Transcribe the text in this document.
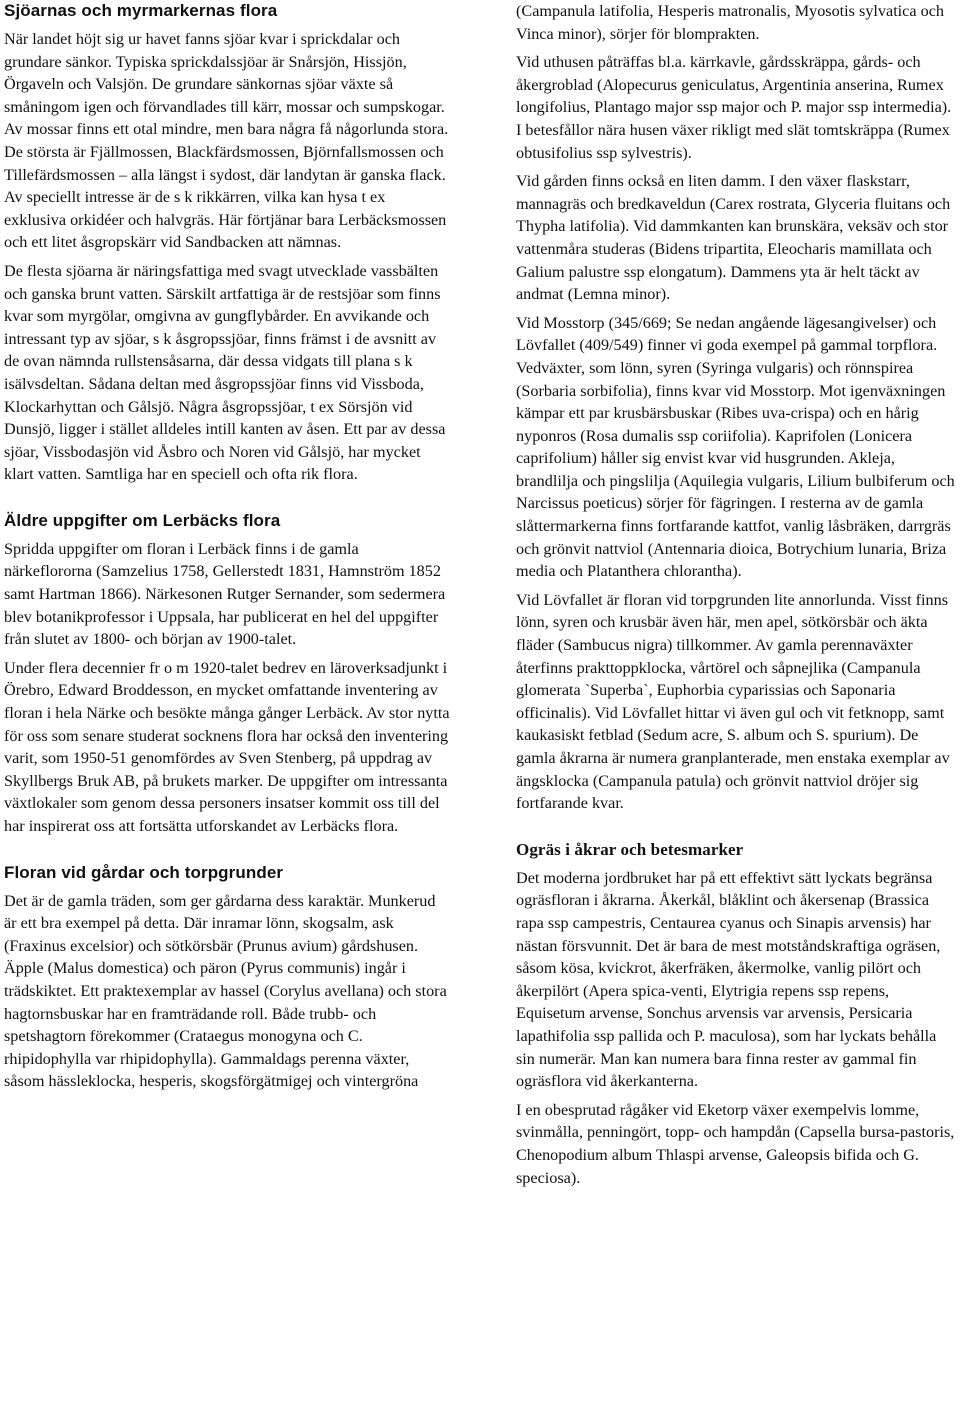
Sjöarnas och myrmarkernas flora

När landet höjt sig ur havet fanns sjöar kvar i sprickdalar och grundare sänkor. Typiska sprickdalssjöar är Snårsjön, Hissjön, Örgaveln och Valsjön. De grundare sänkornas sjöar växte så småningom igen och förvandlades till kärr, mossar och sumpskogar. Av mossar finns ett otal mindre, men bara några få någorlunda stora. De största är Fjällmossen, Blackfärdsmossen, Björnfallsmossen och Tillefärdsmossen – alla längst i sydost, där landytan är ganska flack. Av speciellt intresse är de s k rikkärren, vilka kan hysa t ex exklusiva orkidéer och halvgräs. Här förtjänar bara Lerbäcksmossen och ett litet åsgropskärr vid Sandbacken att nämnas.

De flesta sjöarna är näringsfattiga med svagt utvecklade vassbälten och ganska brunt vatten. Särskilt artfattiga är de restsjöar som finns kvar som myrgölar, omgivna av gungflybårder. En avvikande och intressant typ av sjöar, s k åsgropssjöar, finns främst i de avsnitt av de ovan nämnda rullstensåsarna, där dessa vidgats till plana s k isälvsdeltan. Sådana deltan med åsgropssjöar finns vid Vissboda, Klockarhyttan och Gålsjö. Några åsgropssjöar, t ex Sörsjön vid Dunsjö, ligger i stället alldeles intill kanten av åsen. Ett par av dessa sjöar, Vissbodasjön vid Åsbro och Noren vid Gålsjö, har mycket klart vatten. Samtliga har en speciell och ofta rik flora.

Äldre uppgifter om Lerbäcks flora

Spridda uppgifter om floran i Lerbäck finns i de gamla närkeflororna (Samzelius 1758, Gellerstedt 1831, Hamnström 1852 samt Hartman 1866). Närkesonen Rutger Sernander, som sedermera blev botanikprofessor i Uppsala, har publicerat en hel del uppgifter från slutet av 1800- och början av 1900-talet.

Under flera decennier fr o m 1920-talet bedrev en läroverksadjunkt i Örebro, Edward Broddesson, en mycket omfattande inventering av floran i hela Närke och besökte många gånger Lerbäck. Av stor nytta för oss som senare studerat socknens flora har också den inventering varit, som 1950-51 genomfördes av Sven Stenberg, på uppdrag av Skyllbergs Bruk AB, på brukets marker. De uppgifter om intressanta växtlokaler som genom dessa personers insatser kommit oss till del har inspirerat oss att fortsätta utforskandet av Lerbäcks flora.

Floran vid gårdar och torpgrunder

Det är de gamla träden, som ger gårdarna dess karaktär. Munkerud är ett bra exempel på detta. Där inramar lönn, skogsalm, ask (Fraxinus excelsior) och sötkörsbär (Prunus avium) gårdshusen. Äpple (Malus domestica) och päron (Pyrus communis) ingår i trädskiktet. Ett praktexemplar av hassel (Corylus avellana) och stora hagtornsbuskar har en framträdande roll. Både trubb- och spetshagtorn förekommer (Crataegus monogyna och C. rhipidophylla var rhipidophylla). Gammaldags perenna växter, såsom hässleklocka, hesperis, skogsförgätmigej och vintergröna

(Campanula latifolia, Hesperis matronalis, Myosotis sylvatica och Vinca minor), sörjer för blomprakten.

Vid uthusen påträffas bl.a. kärrkavle, gårdsskräppa, gårds- och åkergroblad (Alopecurus geniculatus, Argentinia anserina, Rumex longifolius, Plantago major ssp major och P. major ssp intermedia). I betesfållor nära husen växer rikligt med slät tomtskräppa (Rumex obtusifolius ssp sylvestris).

Vid gården finns också en liten damm. I den växer flaskstarr, mannagräs och bredkaveldun (Carex rostrata, Glyceria fluitans och Thypha latifolia). Vid dammkanten kan brunskära, veksäv och stor vattenmåra studeras (Bidens tripartita, Eleocharis mamillata och Galium palustre ssp elongatum). Dammens yta är helt täckt av andmat (Lemna minor).

Vid Mosstorp (345/669; Se nedan angående lägesangivelser) och Lövfallet (409/549) finner vi goda exempel på gammal torpflora. Vedväxter, som lönn, syren (Syringa vulgaris) och rönnspirea (Sorbaria sorbifolia), finns kvar vid Mosstorp. Mot igenväxningen kämpar ett par krusbärsbuskar (Ribes uva-crispa) och en hårig nyponros (Rosa dumalis ssp coriifolia). Kaprifolen (Lonicera caprifolium) håller sig envist kvar vid husgrunden. Akleja, brandlilja och pingslilja (Aquilegia vulgaris, Lilium bulbiferum och Narcissus poeticus) sörjer för fägringen. I resterna av de gamla slåttermarkerna finns fortfarande kattfot, vanlig låsbräken, darrgräs och grönvit nattviol (Antennaria dioica, Botrychium lunaria, Briza media och Platanthera chlorantha).

Vid Lövfallet är floran vid torpgrunden lite annorlunda. Visst finns lönn, syren och krusbär även här, men apel, sötkörsbär och äkta fläder (Sambucus nigra) tillkommer. Av gamla perennaväxter återfinns prakttoppklocka, vårtörel och såpnejlika (Campanula glomerata `Superba`, Euphorbia cyparissias och Saponaria officinalis). Vid Lövfallet hittar vi även gul och vit fetknopp, samt kaukasiskt fetblad (Sedum acre, S. album och S. spurium). De gamla åkrarna är numera granplanterade, men enstaka exemplar av ängsklocka (Campanula patula) och grönvit nattviol dröjer sig fortfarande kvar.

Ogräs i åkrar och betesmarker

Det moderna jordbruket har på ett effektivt sätt lyckats begränsa ogräsfloran i åkrarna. Åkerkål, blåklint och åkersenap (Brassica rapa ssp campestris, Centaurea cyanus och Sinapis arvensis) har nästan försvunnit. Det är bara de mest motståndskraftiga ogräsen, såsom kösa, kvickrot, åkerfräken, åkermolke, vanlig pilört och åkerpilört (Apera spica-venti, Elytrigia repens ssp repens, Equisetum arvense, Sonchus arvensis var arvensis, Persicaria lapathifolia ssp pallida och P. maculosa), som har lyckats behålla sin numerär. Man kan numera bara finna rester av gammal fin ogräsflora vid åkerkanterna.

I en obesprutad rågåker vid Eketorp växer exempelvis lomme, svinmålla, penningört, topp- och hampdån (Capsella bursa-pastoris, Chenopodium album Thlaspi arvense, Galeopsis bifida och G. speciosa).
